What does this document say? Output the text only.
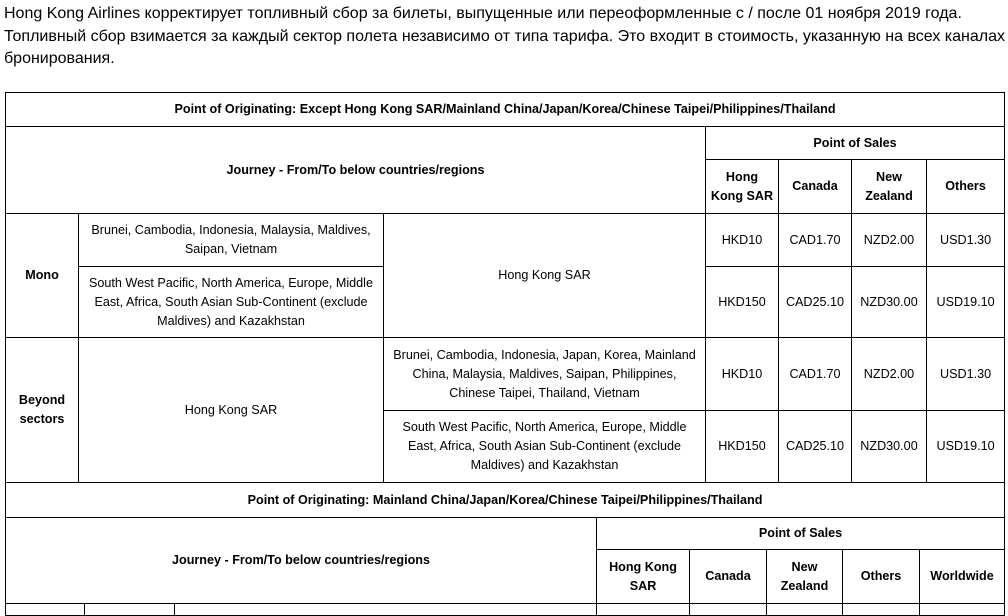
Hong Kong Airlines корректирует топливный сбор за билеты, выпущенные или переоформленные с / после 01 ноября 2019 года. Топливный сбор взимается за каждый сектор полета независимо от типа тарифа. Это входит в стоимость, указанную на всех каналах бронирования.

Point of Originating: Except Hong Kong SAR/Mainland China/Japan/Korea/Chinese Taipei/Philippines/Thailand						
Journey - From/To below countries/regions			Point of Sales			
			Hong Kong SAR	Canada	New Zealand	Others
Mono	Brunei, Cambodia, Indonesia, Malaysia, Maldives, Saipan, Vietnam	Hong Kong SAR	HKD10	CAD1.70	NZD2.00	USD1.30
	South West Pacific, North America, Europe, Middle East, Africa, South Asian Sub-Continent (exclude Maldives) and Kazakhstan		HKD150	CAD25.10	NZD30.00	USD19.10
Beyond sectors	Hong Kong SAR	Brunei, Cambodia, Indonesia, Japan, Korea, Mainland China, Malaysia, Maldives, Saipan, Philippines, Chinese Taipei, Thailand, Vietnam	HKD10	CAD1.70	NZD2.00	USD1.30
		South West Pacific, North America, Europe, Middle East, Africa, South Asian Sub-Continent (exclude Maldives) and Kazakhstan	HKD150	CAD25.10	NZD30.00	USD19.10
Point of Originating: Mainland China/Japan/Korea/Chinese Taipei/Philippines/Thailand							
Journey - From/To below countries/regions			Point of Sales				
			Hong Kong SAR	Canada	New Zealand	Others	Worldwide
